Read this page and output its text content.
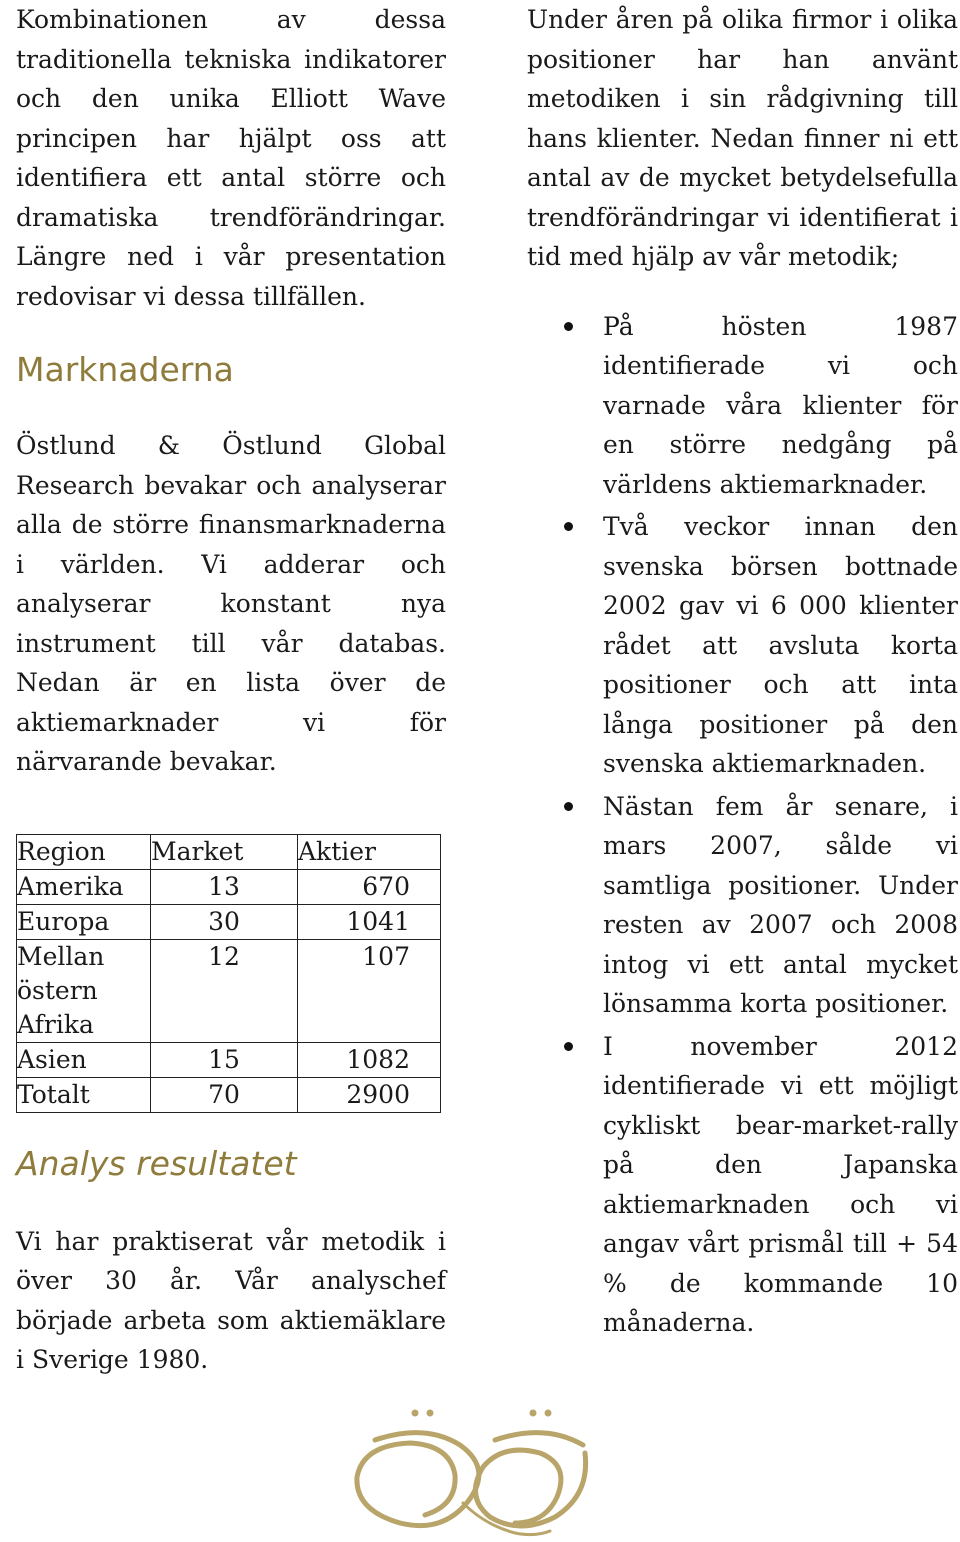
Kombinationen av dessa traditionella tekniska indikatorer och den unika Elliott Wave principen har hjälpt oss att identifiera ett antal större och dramatiska trendförändringar. Längre ned i vår presentation redovisar vi dessa tillfällen.

Marknaderna

Östlund & Östlund Global Research bevakar och analyserar alla de större finansmarknaderna i världen. Vi adderar och analyserar konstant nya instrument till vår databas. Nedan är en lista över de aktiemarknader vi för närvarande bevakar.

Region	Market	Aktier
Amerika	13	670
Europa	30	1041
Mellan östern Afrika	12	107
Asien	15	1082
Totalt	70	2900
Analys resultatet

Vi har praktiserat vår metodik i över 30 år. Vår analyschef började arbeta som aktiemäklare i Sverige 1980.

Under åren på olika firmor i olika positioner har han använt metodiken i sin rådgivning till hans klienter. Nedan finner ni ett antal av de mycket betydelsefulla trendförändringar vi identifierat i tid med hjälp av vår metodik;

På hösten 1987 identifierade vi och varnade våra klienter för en större nedgång på världens aktiemarknader.
Två veckor innan den svenska börsen bottnade 2002 gav vi 6 000 klienter rådet att avsluta korta positioner och att inta långa positioner på den svenska aktiemarknaden.
Nästan fem år senare, i mars 2007, sålde vi samtliga positioner. Under resten av 2007 och 2008 intog vi ett antal mycket lönsamma korta positioner.
I november 2012 identifierade vi ett möjligt cykliskt bear-market-rally på den Japanska aktiemarknaden och vi angav vårt prismål till + 54 % de kommande 10 månaderna.
